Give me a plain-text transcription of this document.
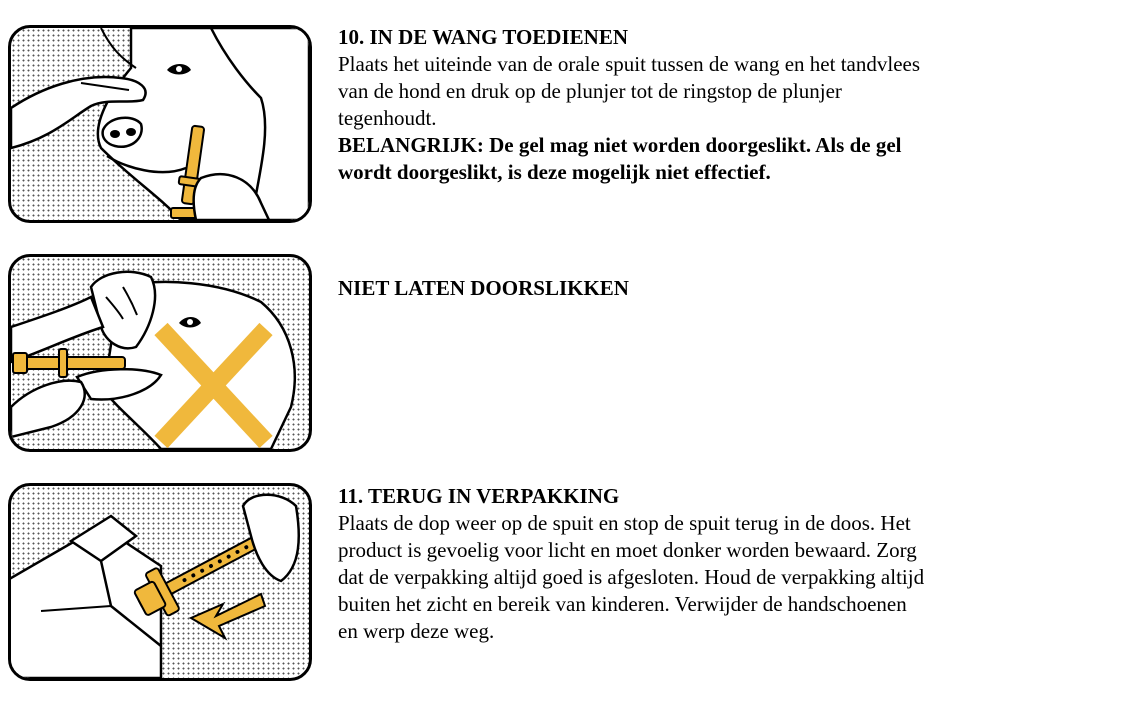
10. IN DE WANG TOEDIENEN
Plaats het uiteinde van de orale spuit tussen de wang en het tandvlees
van de hond en druk op de plunjer tot de ringstop de plunjer
tegenhoudt.
BELANGRIJK: De gel mag niet worden doorgeslikt. Als de gel
wordt doorgeslikt, is deze mogelijk niet effectief.
NIET LATEN DOORSLIKKEN
11. TERUG IN VERPAKKING
Plaats de dop weer op de spuit en stop de spuit terug in de doos. Het
product is gevoelig voor licht en moet donker worden bewaard. Zorg
dat de verpakking altijd goed is afgesloten. Houd de verpakking altijd
buiten het zicht en bereik van kinderen. Verwijder de handschoenen
en werp deze weg.
